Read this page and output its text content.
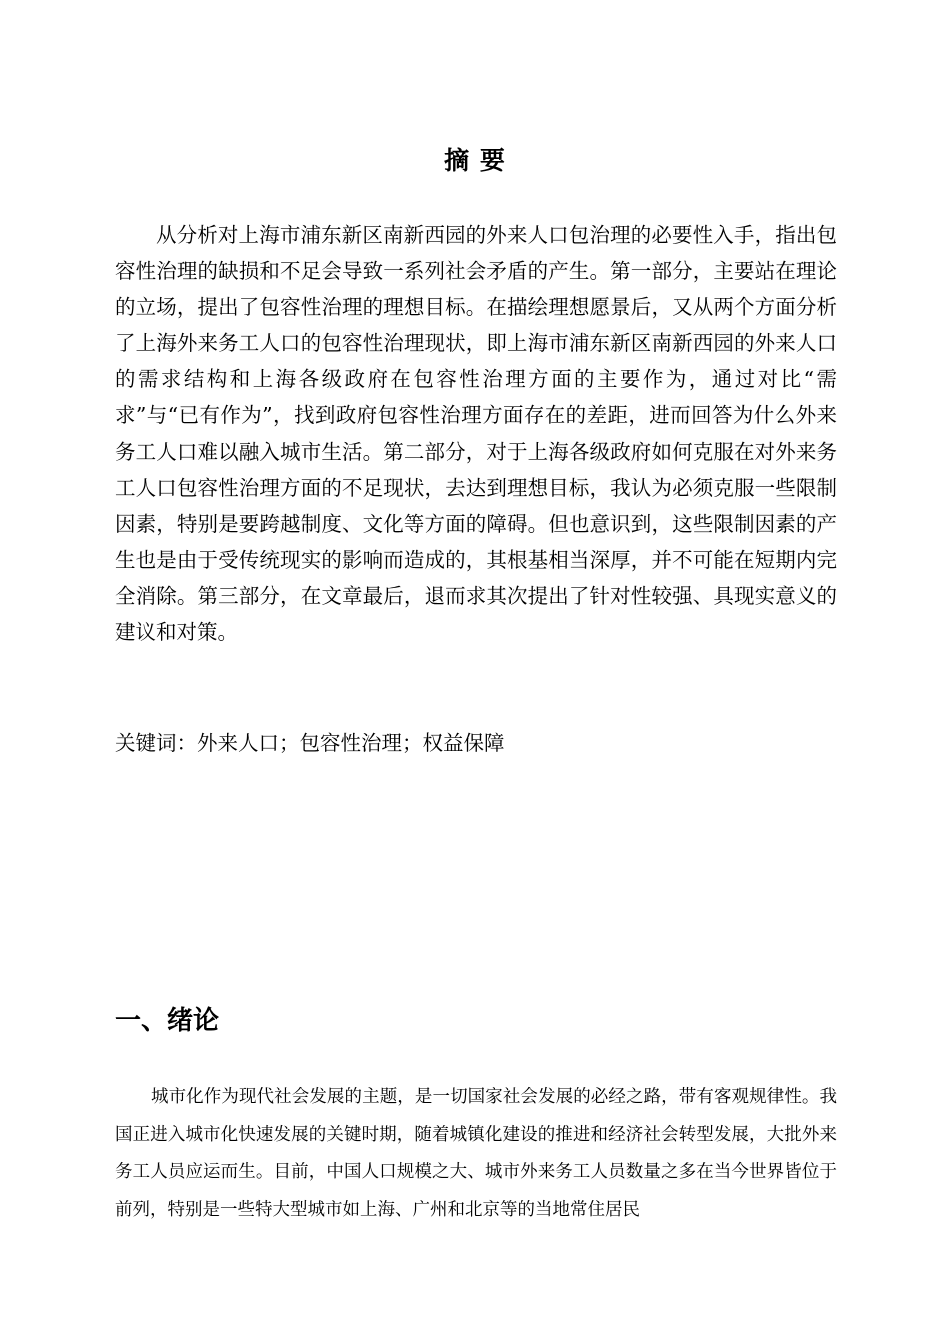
摘 要

从分析对上海市浦东新区南新西园的外来人口包治理的必要性入手，指出包容性治理的缺损和不足会导致一系列社会矛盾的产生。第一部分，主要站在理论的立场，提出了包容性治理的理想目标。在描绘理想愿景后，又从两个方面分析了上海外来务工人口的包容性治理现状，即上海市浦东新区南新西园的外来人口的需求结构和上海各级政府在包容性治理方面的主要作为，通过对比“需求”与“已有作为”，找到政府包容性治理方面存在的差距，进而回答为什么外来务工人口难以融入城市生活。第二部分，对于上海各级政府如何克服在对外来务工人口包容性治理方面的不足现状，去达到理想目标，我认为必须克服一些限制因素，特别是要跨越制度、文化等方面的障碍。但也意识到，这些限制因素的产生也是由于受传统现实的影响而造成的，其根基相当深厚，并不可能在短期内完全消除。第三部分，在文章最后，退而求其次提出了针对性较强、具现实意义的建议和对策。

关键词：外来人口；包容性治理；权益保障

一、绪论

城市化作为现代社会发展的主题，是一切国家社会发展的必经之路，带有客观规律性。我国正进入城市化快速发展的关键时期，随着城镇化建设的推进和经济社会转型发展，大批外来务工人员应运而生。目前，中国人口规模之大、城市外来务工人员数量之多在当今世界皆位于前列，特别是一些特大型城市如上海、广州和北京等的当地常住居民
